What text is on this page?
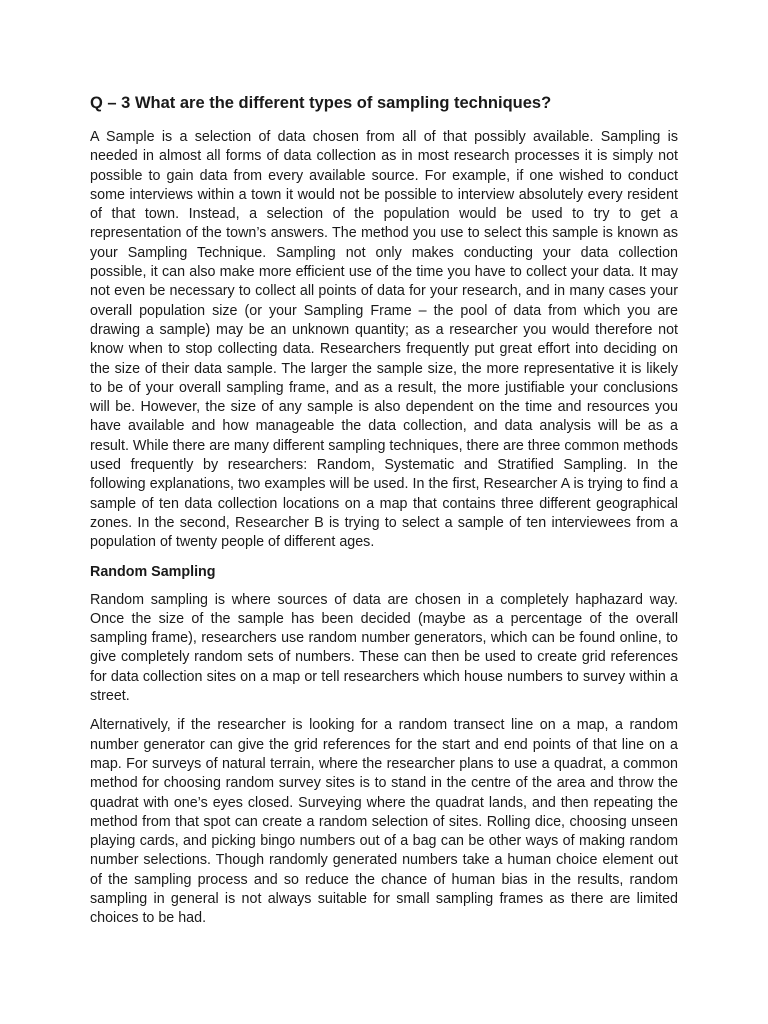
Q – 3 What are the different types of sampling techniques?

A Sample is a selection of data chosen from all of that possibly available. Sampling is needed in almost all forms of data collection as in most research processes it is simply not possible to gain data from every available source. For example, if one wished to conduct some interviews within a town it would not be possible to interview absolutely every resident of that town. Instead, a selection of the population would be used to try to get a representation of the town’s answers. The method you use to select this sample is known as your Sampling Technique. Sampling not only makes conducting your data collection possible, it can also make more efficient use of the time you have to collect your data. It may not even be necessary to collect all points of data for your research, and in many cases your overall population size (or your Sampling Frame – the pool of data from which you are drawing a sample) may be an unknown quantity; as a researcher you would therefore not know when to stop collecting data. Researchers frequently put great effort into deciding on the size of their data sample. The larger the sample size, the more representative it is likely to be of your overall sampling frame, and as a result, the more justifiable your conclusions will be. However, the size of any sample is also dependent on the time and resources you have available and how manageable the data collection, and data analysis will be as a result. While there are many different sampling techniques, there are three common methods used frequently by researchers: Random, Systematic and Stratified Sampling. In the following explanations, two examples will be used. In the first, Researcher A is trying to find a sample of ten data collection locations on a map that contains three different geographical zones. In the second, Researcher B is trying to select a sample of ten interviewees from a population of twenty people of different ages.

Random Sampling

Random sampling is where sources of data are chosen in a completely haphazard way. Once the size of the sample has been decided (maybe as a percentage of the overall sampling frame), researchers use random number generators, which can be found online, to give completely random sets of numbers. These can then be used to create grid references for data collection sites on a map or tell researchers which house numbers to survey within a street.

Alternatively, if the researcher is looking for a random transect line on a map, a random number generator can give the grid references for the start and end points of that line on a map. For surveys of natural terrain, where the researcher plans to use a quadrat, a common method for choosing random survey sites is to stand in the centre of the area and throw the quadrat with one’s eyes closed. Surveying where the quadrat lands, and then repeating the method from that spot can create a random selection of sites. Rolling dice, choosing unseen playing cards, and picking bingo numbers out of a bag can be other ways of making random number selections. Though randomly generated numbers take a human choice element out of the sampling process and so reduce the chance of human bias in the results, random sampling in general is not always suitable for small sampling frames as there are limited choices to be had.
